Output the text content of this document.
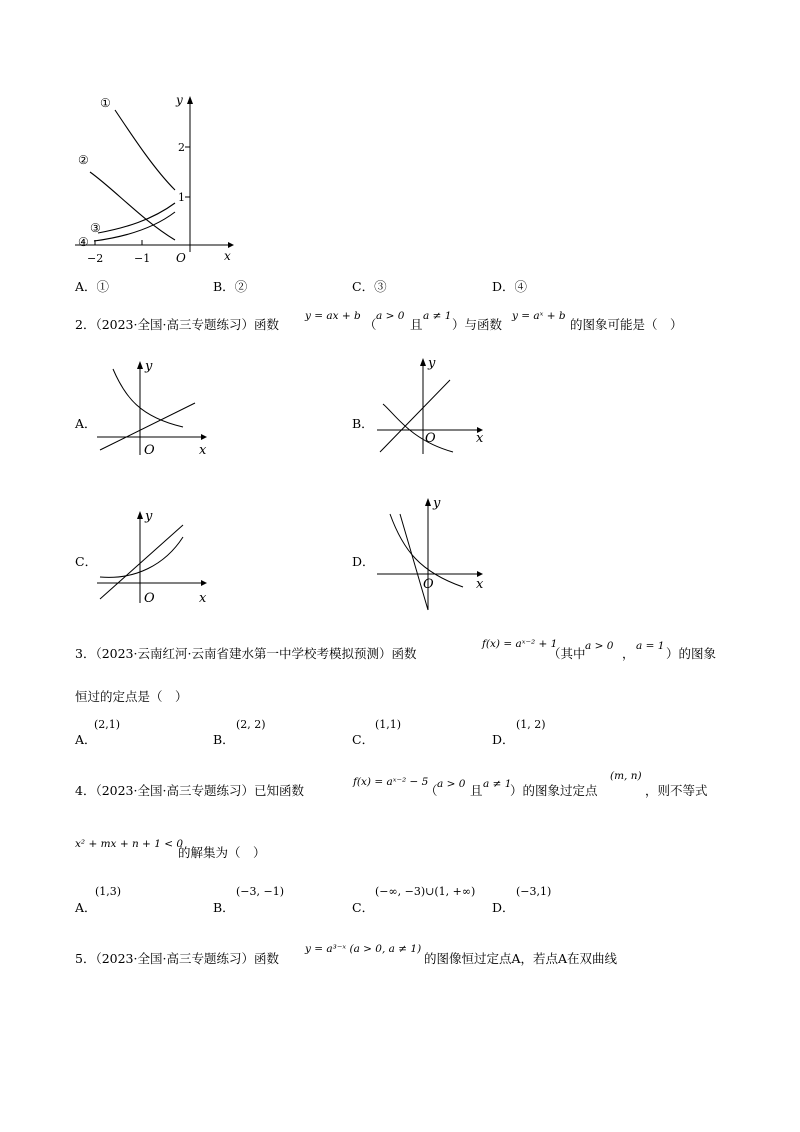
y
x
O
2
1
−2	−1
①
②
③
④
A．①	B．②	C．③	D．④
2．（2023·全国·高三专题练习）函数
y = ax + b
（
a > 0
且
a ≠ 1
）与函数
y = aˣ + b
的图象可能是（　）
A．
y
x
O
B．
y
x
O
C．
y
x
O
D．
y
x
O
3．（2023·云南红河·云南省建水第一中学校考模拟预测）函数
f(x) = aˣ⁻² + 1
（其中 a > 0 ， a = 1 ）的图象
恒过的定点是（　）
A．
(2,1)
B．
(2, 2)
C．
(1,1)
D．
(1, 2)
4．（2023·全国·高三专题练习）已知函数
f(x) = aˣ⁻² − 5
（ a > 0 且 a ≠ 1
）的图象过定点
(m, n)
，则不等式
x² + mx + n + 1 < 0
的解集为（　）
A．
(1,3)
B．
(−3, −1)
C．
(−∞, −3)∪(1, +∞)
D．
(−3,1)
5．（2023·全国·高三专题练习）函数
y = a³⁻ˣ (a > 0, a ≠ 1)
的图像恒过定点A，若点A在双曲线
